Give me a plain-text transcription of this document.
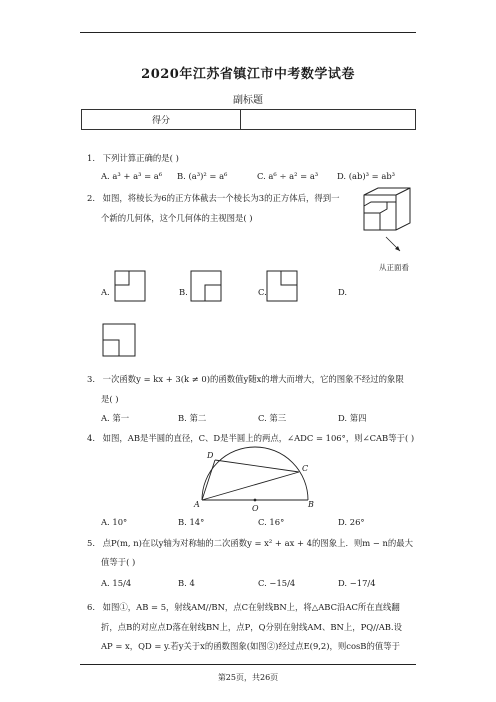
2020年江苏省镇江市中考数学试卷
副标题
得分	
1. 下列计算正确的是( )
A. a³ + a³ = a⁶ B. (a³)² = a⁶	C. a⁶ ÷ a² = a³ D. (ab)³ = ab³
2. 如图，将棱长为6的正方体截去一个棱长为3的正方体后，得到一
个新的几何体，这个几何体的主视图是( )
从正面看
A.	B.	C.	D.
3. 一次函数y = kx + 3(k ≠ 0)的函数值y随x的增大而增大，它的图象不经过的象限
是( )
A. 第一	B. 第二	C. 第三	D. 第四
4. 如图，AB是半圆的直径，C、D是半圆上的两点，∠ADC = 106°，则∠CAB等于( )
D
C
A	O	B
A. 10°	B. 14°	C. 16°	D. 26°
5. 点P(m, n)在以y轴为对称轴的二次函数y = x² + ax + 4的图象上．则m − n的最大
值等于( )
A. 15/4	B. 4	C. −15/4	D. −17/4
6. 如图①，AB = 5，射线AM//BN，点C在射线BN上，将△ABC沿AC所在直线翻
折，点B的对应点D落在射线BN上，点P，Q分别在射线AM、BN上，PQ//AB.设
AP = x，QD = y.若y关于x的函数图象(如图②)经过点E(9,2)，则cosB的值等于
第25页，共26页
